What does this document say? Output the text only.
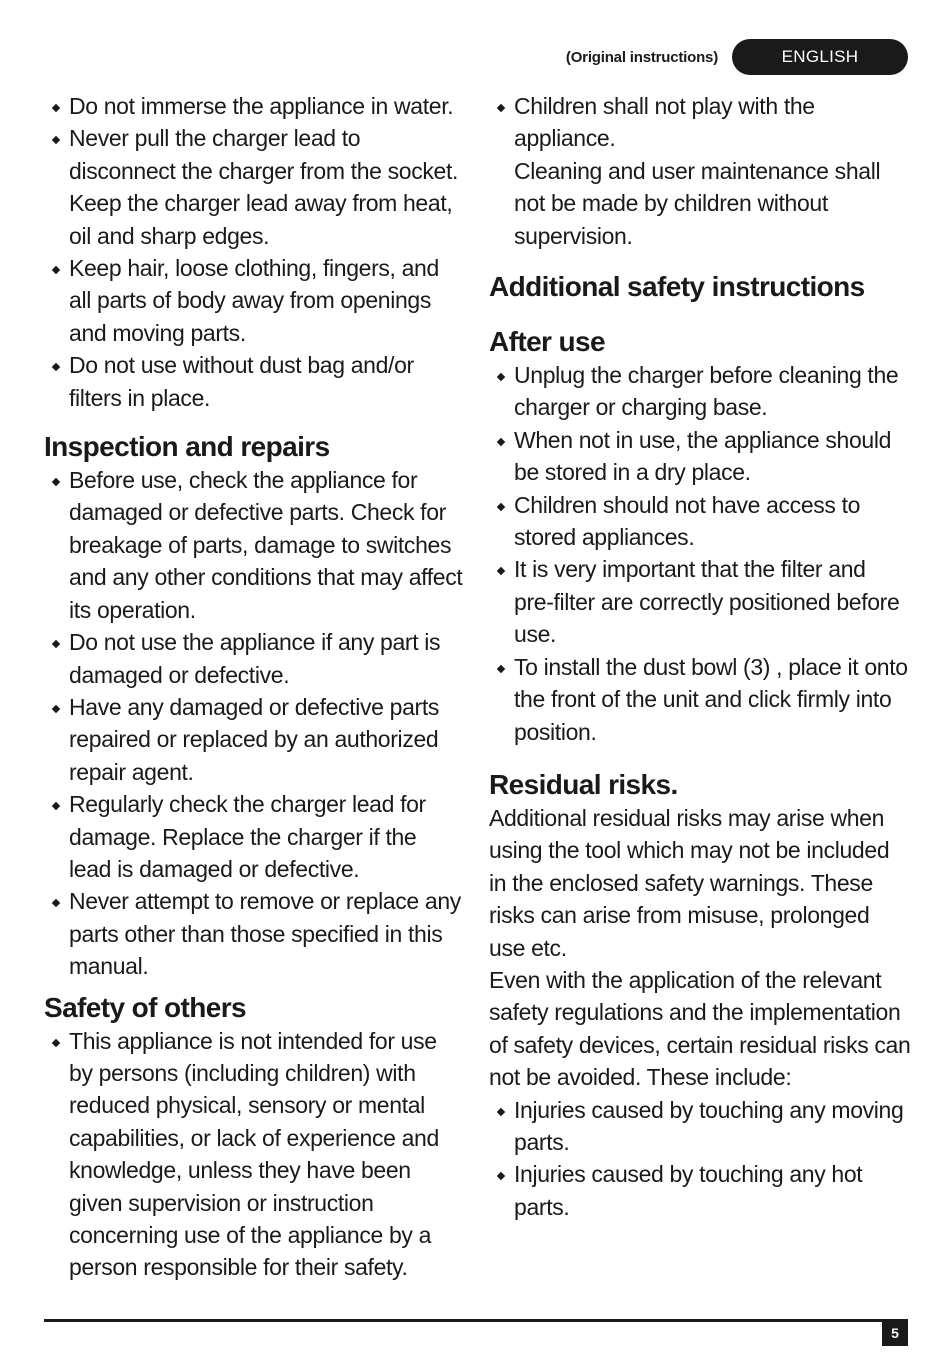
(Original instructions)	ENGLISH
Do not immerse the appliance in water.
Never pull the charger lead to disconnect the charger from the socket. Keep the charger lead away from heat, oil and sharp edges.
Keep hair, loose clothing, fingers, and all parts of body away from openings and moving parts.
Do not use without dust bag and/or filters in place.
Inspection and repairs
Before use, check the appliance for damaged or defective parts. Check for breakage of parts, damage to switches and any other conditions that may affect its operation.
Do not use the appliance if any part is damaged or defective.
Have any damaged or defective parts repaired or replaced by an authorized repair agent.
Regularly check the charger lead for damage. Replace the charger if the lead is damaged or defective.
Never attempt to remove or replace any parts other than those specified in this manual.
Safety of others
This appliance is not intended for use by persons (including children) with reduced physical, sensory or mental capabilities, or lack of experience and knowledge, unless they have been given supervision or instruction concerning use of the appliance by a person responsible for their safety.
Children shall not play with the appliance.
Cleaning and user maintenance shall not be made by children without supervision.
Additional safety instructions
After use
Unplug the charger before cleaning the charger or charging base.
When not in use, the appliance should be stored in a dry place.
Children should not have access to stored appliances.
It is very important that the filter and pre-filter are correctly positioned before use.
To install the dust bowl (3) , place it onto the front of the unit and click firmly into position.
Residual risks.

Additional residual risks may arise when using the tool which may not be included in the enclosed safety warnings. These risks can arise from misuse, prolonged use etc.

Even with the application of the relevant safety regulations and the implementation of safety devices, certain residual risks can not be avoided. These include:

Injuries caused by touching any moving parts.
Injuries caused by touching any hot parts.
5
